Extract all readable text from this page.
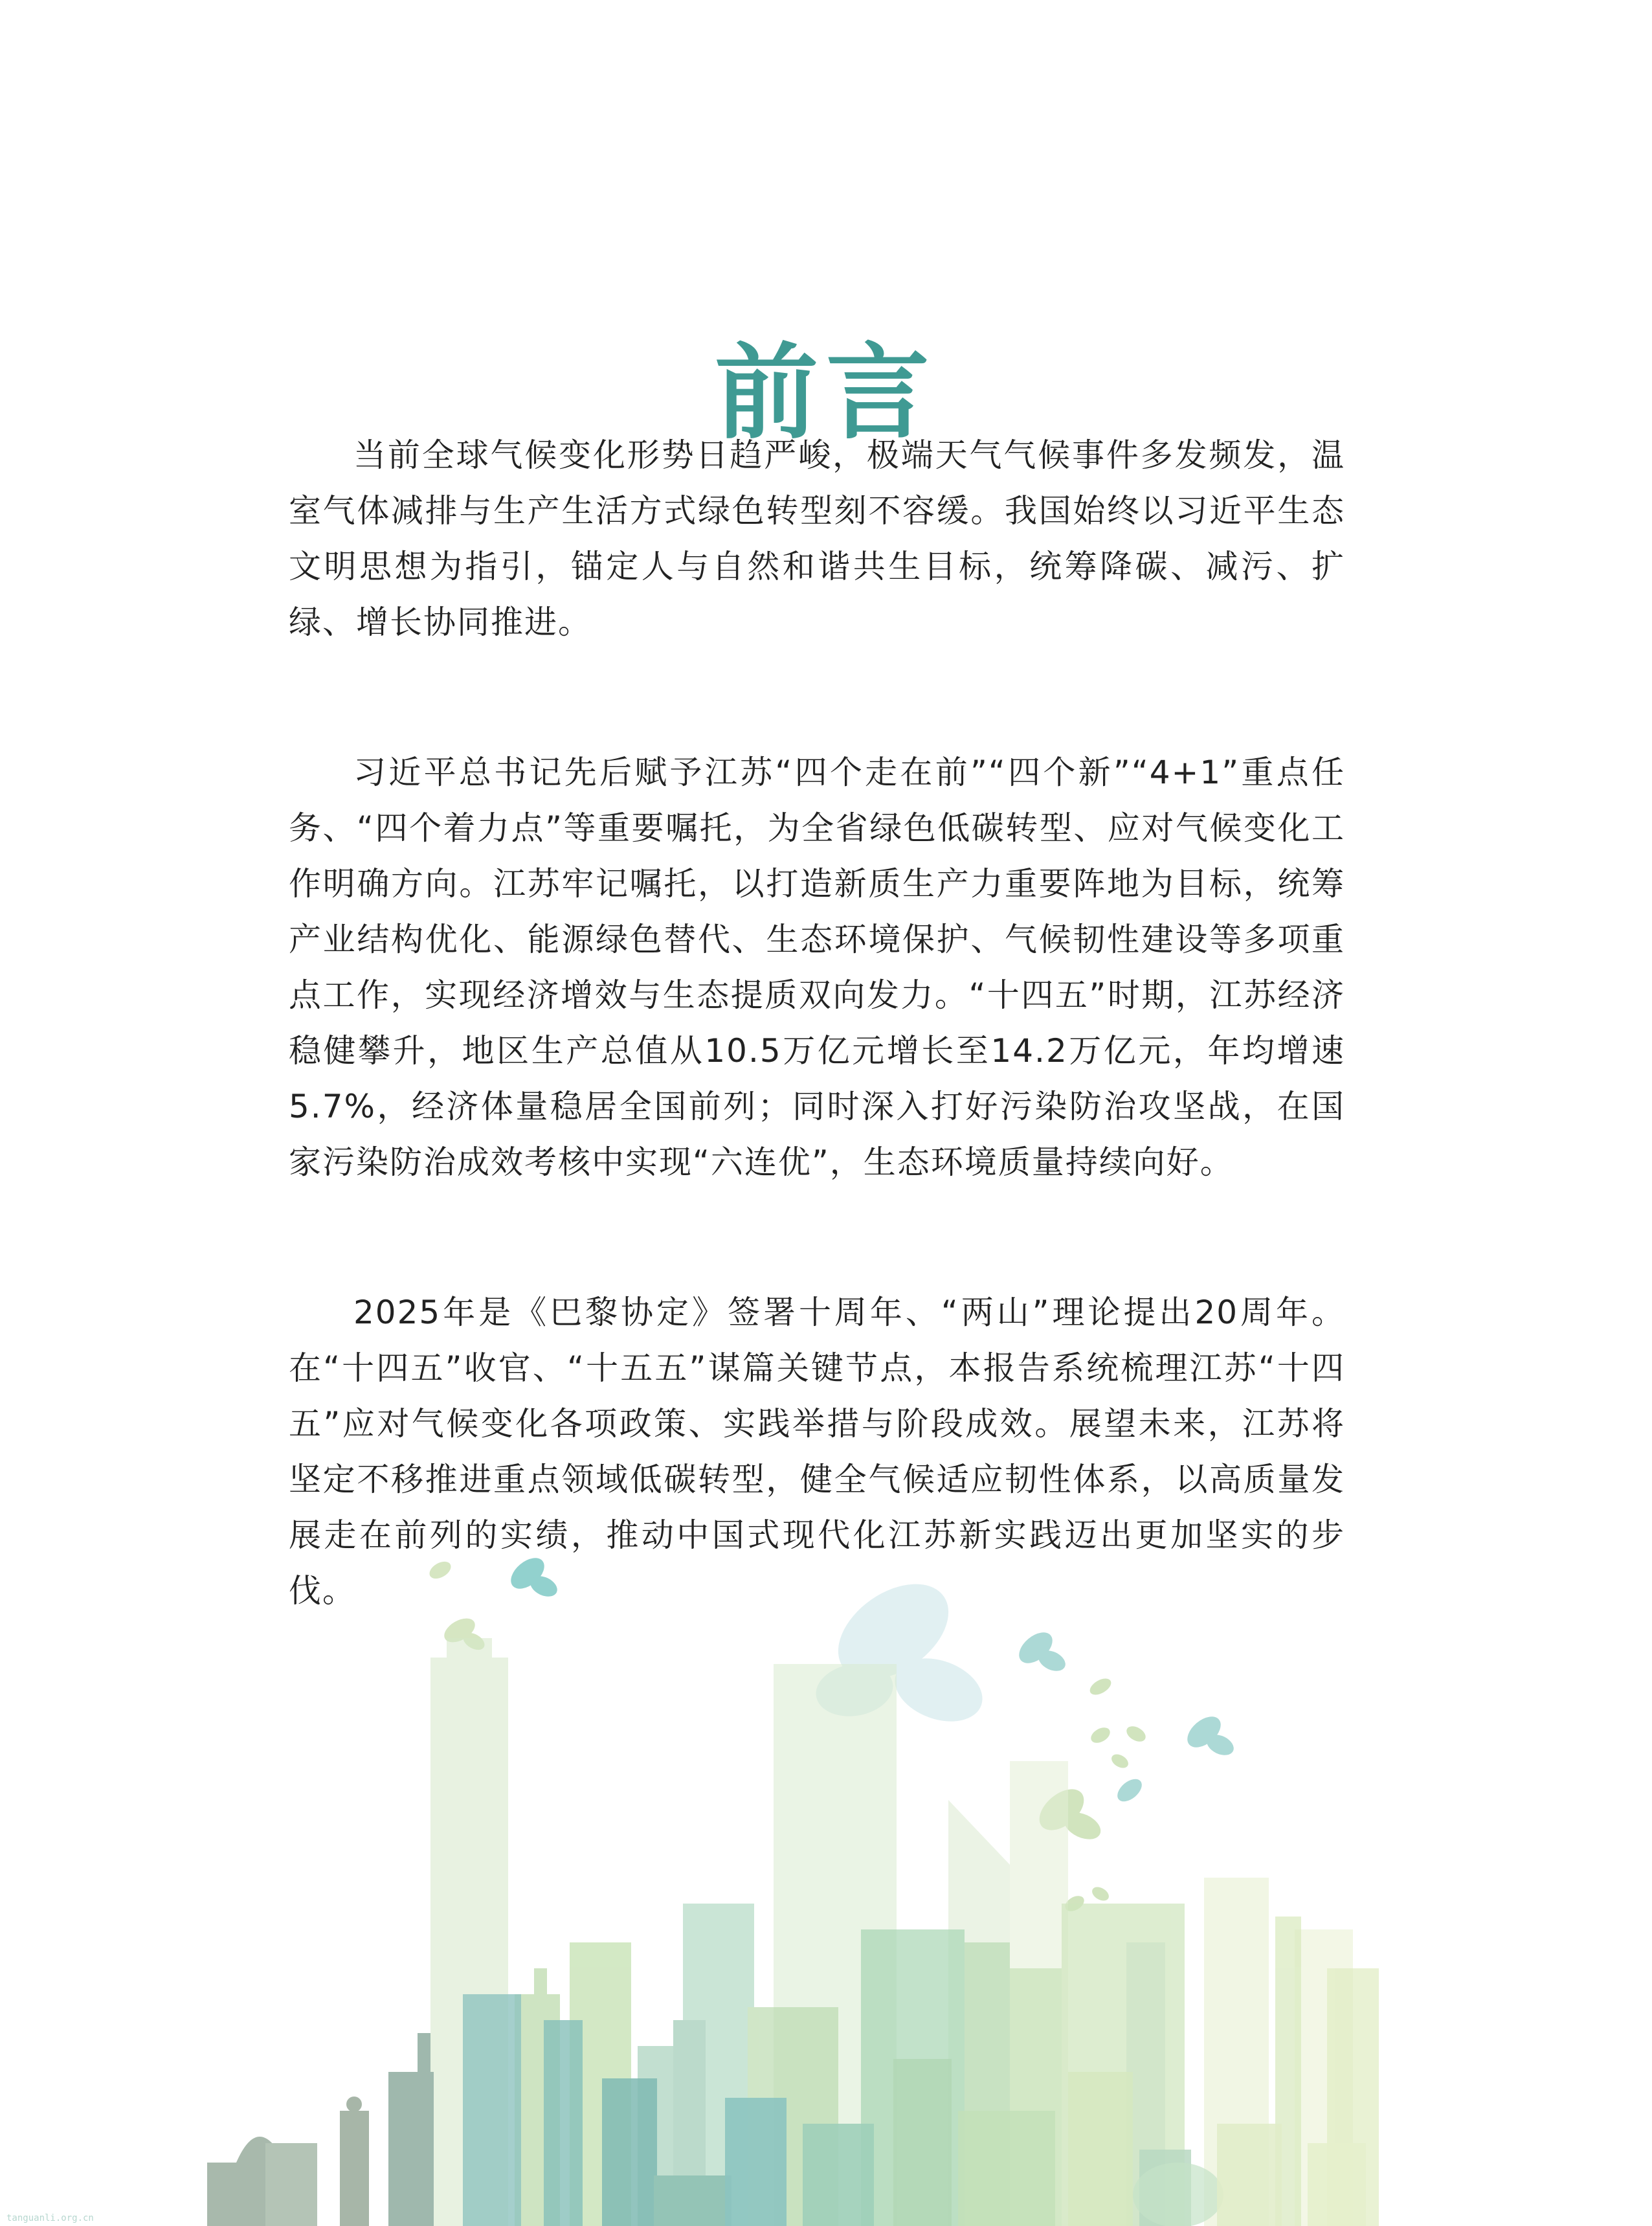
前言

当前全球气候变化形势日趋严峻，极端天气气候事件多发频发，温室气体减排与生产生活方式绿色转型刻不容缓。我国始终以习近平生态文明思想为指引，锚定人与自然和谐共生目标，统筹降碳、减污、扩绿、增长协同推进。

习近平总书记先后赋予江苏“四个走在前”“四个新”“4+1”重点任务、“四个着力点”等重要嘱托，为全省绿色低碳转型、应对气候变化工作明确方向。江苏牢记嘱托，以打造新质生产力重要阵地为目标，统筹产业结构优化、能源绿色替代、生态环境保护、气候韧性建设等多项重点工作，实现经济增效与生态提质双向发力。“十四五”时期，江苏经济稳健攀升，地区生产总值从10.5万亿元增长至14.2万亿元，年均增速5.7%，经济体量稳居全国前列；同时深入打好污染防治攻坚战，在国家污染防治成效考核中实现“六连优”，生态环境质量持续向好。

2025年是《巴黎协定》签署十周年、“两山”理论提出20周年。在“十四五”收官、“十五五”谋篇关键节点，本报告系统梳理江苏“十四五”应对气候变化各项政策、实践举措与阶段成效。展望未来，江苏将坚定不移推进重点领域低碳转型，健全气候适应韧性体系，以高质量发展走在前列的实绩，推动中国式现代化江苏新实践迈出更加坚实的步伐。

tanguanli.org.cn
